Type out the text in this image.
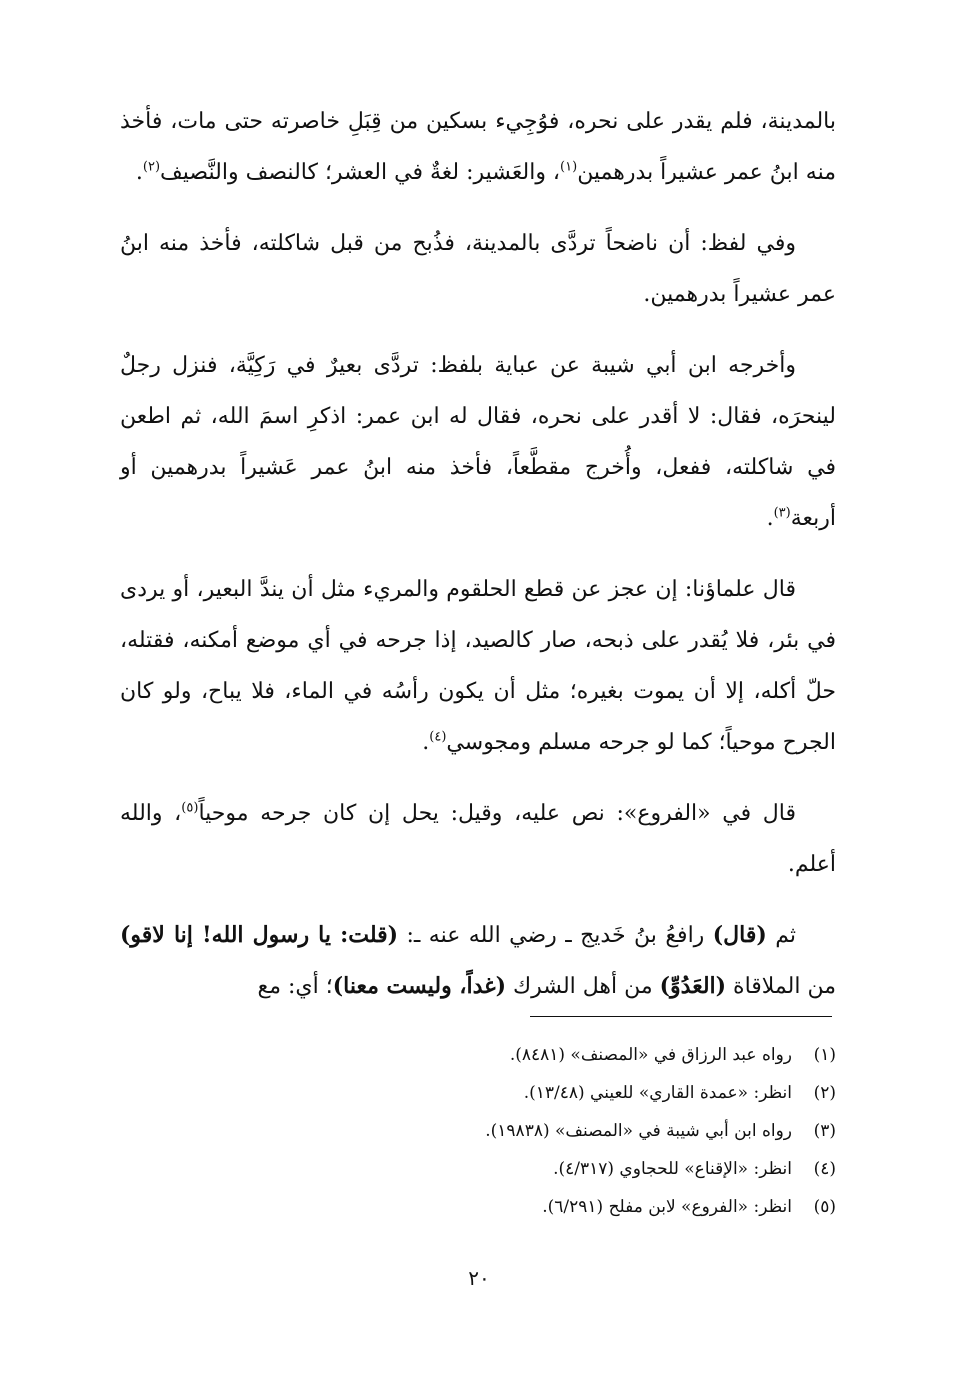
بالمدينة، فلم يقدر على نحره، فوُجِيء بسكين من قِبَلِ خاصرته حتى مات، فأخذ منه ابنُ عمر عشيراً بدرهمين$^{(١)}$، والعَشير: لغةٌ في العشر؛ كالنصف والنَّصيف$^{(٢)}$.

وفي لفظ: أن ناضحاً تردَّى بالمدينة، فذُبح من قبل شاكلته، فأخذ منه ابنُ عمر عشيراً بدرهمين.

وأخرجه ابن أبي شيبة عن عباية بلفظ: تردَّى بعيرٌ في رَكِيَّة، فنزل رجلٌ لينحرَه، فقال: لا أقدر على نحره، فقال له ابن عمر: اذكرِ اسمَ الله، ثم اطعن في شاكلته، ففعل، وأُخرج مقطَّعاً، فأخذ منه ابنُ عمر عَشيراً بدرهمين أو أربعة$^{(٣)}$.

قال علماؤنا: إن عجز عن قطع الحلقوم والمريء مثل أن يندَّ البعير، أو يردى في بئر، فلا يُقدر على ذبحه، صار كالصيد، إذا جرحه في أي موضع أمكنه، فقتله، حلّ أكله، إلا أن يموت بغيره؛ مثل أن يكون رأسُه في الماء، فلا يباح، ولو كان الجرح موحياً؛ كما لو جرحه مسلم ومجوسي$^{(٤)}$.

قال في «الفروع»: نص عليه، وقيل: يحل إن كان جرحه موحياً$^{(٥)}$، والله أعلم.

ثم (قال) رافعُ بنُ خَديج ـ رضي الله عنه ـ: (قلت: يا رسول الله! إنا لاقو) من الملاقاة (العَدُوِّ) من أهل الشرك (غداً، وليست معنا)؛ أي: مع

(١)
رواه عبد الرزاق في «المصنف» (٨٤٨١).
(٢)
انظر: «عمدة القاري» للعيني (١٣/٤٨).
(٣)
رواه ابن أبي شيبة في «المصنف» (١٩٨٣٨).
(٤)
انظر: «الإقناع» للحجاوي (٤/٣١٧).
(٥)
انظر: «الفروع» لابن مفلح (٦/٢٩١).
٢٠
